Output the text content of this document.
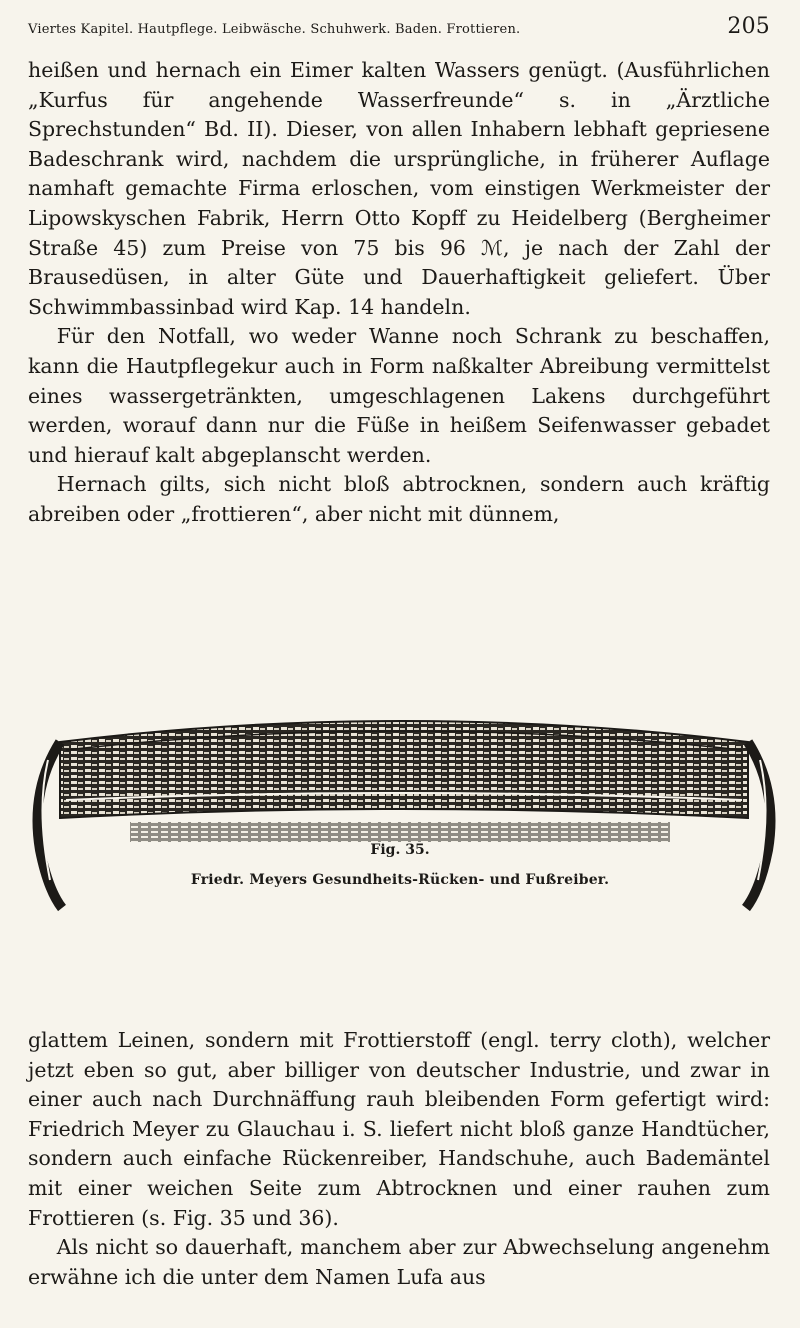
Viertes Kapitel. Hautpflege. Leibwäsche. Schuhwerk. Baden. Frottieren.	205

heißen und hernach ein Eimer kalten Wassers genügt. (Ausführlichen „Kurfus für angehende Wasserfreunde“ s. in „Ärztliche Sprechstunden“ Bd. II). Dieser, von allen Inhabern lebhaft gepriesene Badeschrank wird, nachdem die ursprüngliche, in früherer Auflage namhaft gemachte Firma erloschen, vom einstigen Werkmeister der Lipowskyschen Fabrik, Herrn Otto Kopff zu Heidelberg (Bergheimer Straße 45) zum Preise von 75 bis 96 ℳ, je nach der Zahl der Brausedüsen, in alter Güte und Dauerhaftigkeit geliefert. Über Schwimmbassinbad wird Kap. 14 handeln.

Für den Notfall, wo weder Wanne noch Schrank zu beschaffen, kann die Hautpflegekur auch in Form naßkalter Abreibung vermittelst eines wassergetränkten, umgeschlagenen Lakens durchgeführt werden, worauf dann nur die Füße in heißem Seifenwasser gebadet und hierauf kalt abgeplanscht werden.

Hernach gilts, sich nicht bloß abtrocknen, sondern auch kräftig abreiben oder „frottieren“, aber nicht mit dünnem,

Fig. 35.
Friedr. Meyers Gesundheits-Rücken- und Fußreiber.

glattem Leinen, sondern mit Frottierstoff (engl. terry cloth), welcher jetzt eben so gut, aber billiger von deutscher Industrie, und zwar in einer auch nach Durchnäffung rauh bleibenden Form gefertigt wird: Friedrich Meyer zu Glauchau i. S. liefert nicht bloß ganze Handtücher, sondern auch einfache Rückenreiber, Handschuhe, auch Bademäntel mit einer weichen Seite zum Abtrocknen und einer rauhen zum Frottieren (s. Fig. 35 und 36).

Als nicht so dauerhaft, manchem aber zur Abwechselung angenehm erwähne ich die unter dem Namen Lufa aus
